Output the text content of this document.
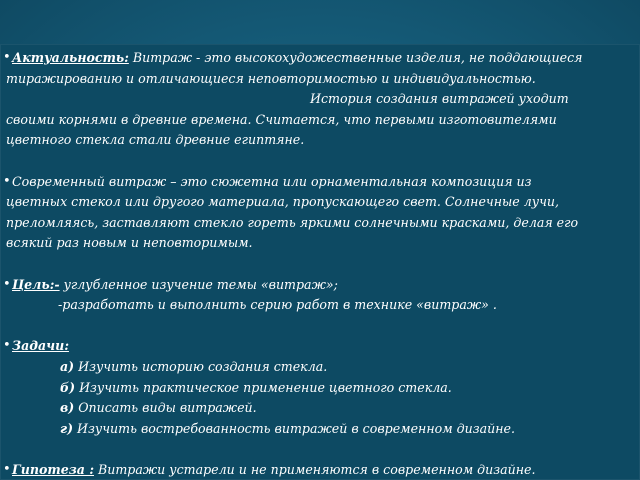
• Актуальность: Витраж - это высокохудожественные изделия, не поддающиеся
тиражированию и отличающиеся неповторимостью и индивидуальностью.
История создания витражей уходит
своими корнями в древние времена. Считается, что первыми изготовителями
цветного стекла стали древние египтяне.
• Современный витраж – это сюжетна или орнаментальная композиция из
цветных стекол или другого материала, пропускающего свет. Солнечные лучи,
преломляясь, заставляют стекло гореть яркими солнечными красками, делая его
всякий раз новым и неповторимым.
• Цель:- углубленное изучение темы «витраж»;
-разработать и выполнить серию работ в технике «витраж» .
• Задачи:
а) Изучить историю создания стекла.
б) Изучить практическое применение цветного стекла.
в) Описать виды витражей.
г) Изучить востребованность витражей в современном дизайне.
• Гипотеза : Витражи устарели и не применяются в современном дизайне.
